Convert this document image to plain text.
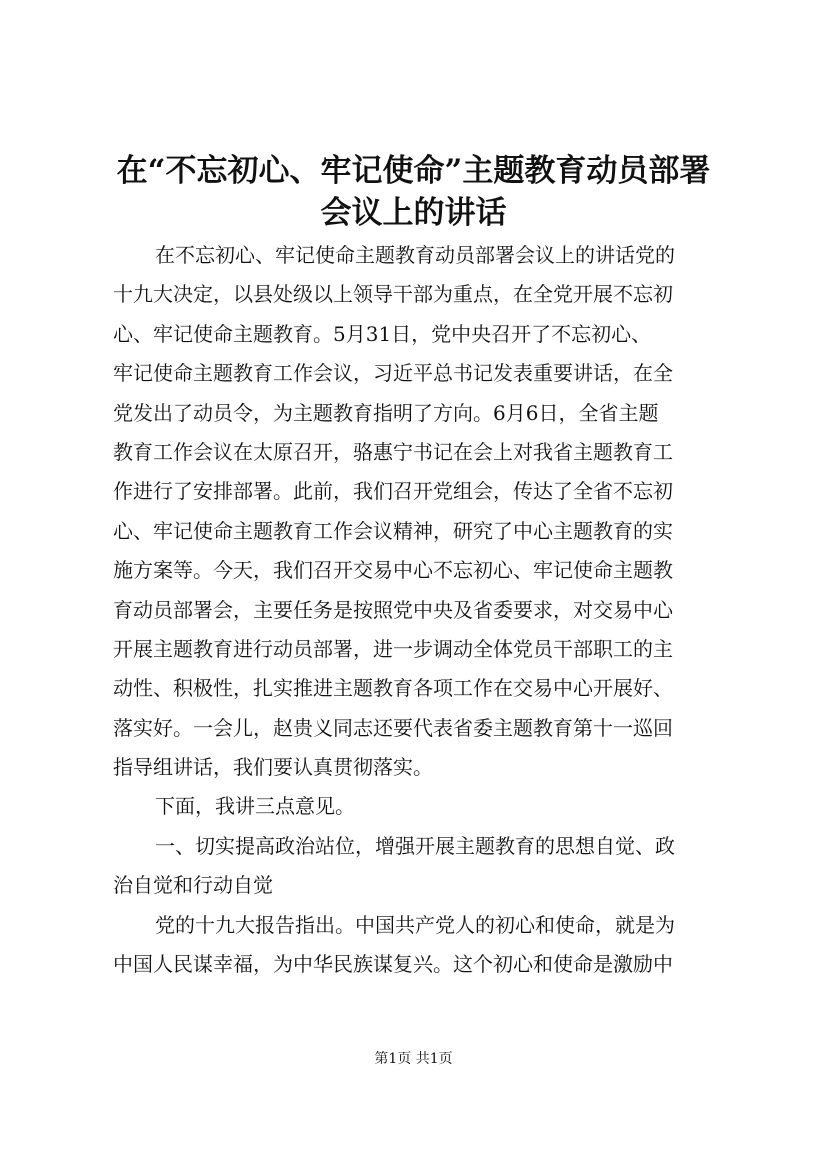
在“不忘初心、牢记使命”主题教育动员部署
会议上的讲话
在不忘初心、牢记使命主题教育动员部署会议上的讲话党的
十九大决定，以县处级以上领导干部为重点，在全党开展不忘初
心、牢记使命主题教育。5月31日，党中央召开了不忘初心、
牢记使命主题教育工作会议，习近平总书记发表重要讲话，在全
党发出了动员令，为主题教育指明了方向。6月6日，全省主题
教育工作会议在太原召开，骆惠宁书记在会上对我省主题教育工
作进行了安排部署。此前，我们召开党组会，传达了全省不忘初
心、牢记使命主题教育工作会议精神，研究了中心主题教育的实
施方案等。今天，我们召开交易中心不忘初心、牢记使命主题教
育动员部署会，主要任务是按照党中央及省委要求，对交易中心
开展主题教育进行动员部署，进一步调动全体党员干部职工的主
动性、积极性，扎实推进主题教育各项工作在交易中心开展好、
落实好。一会儿，赵贵义同志还要代表省委主题教育第十一巡回
指导组讲话，我们要认真贯彻落实。
下面，我讲三点意见。
一、切实提高政治站位，增强开展主题教育的思想自觉、政
治自觉和行动自觉
党的十九大报告指出。中国共产党人的初心和使命，就是为
中国人民谋幸福，为中华民族谋复兴。这个初心和使命是激励中
第1页 共1页
